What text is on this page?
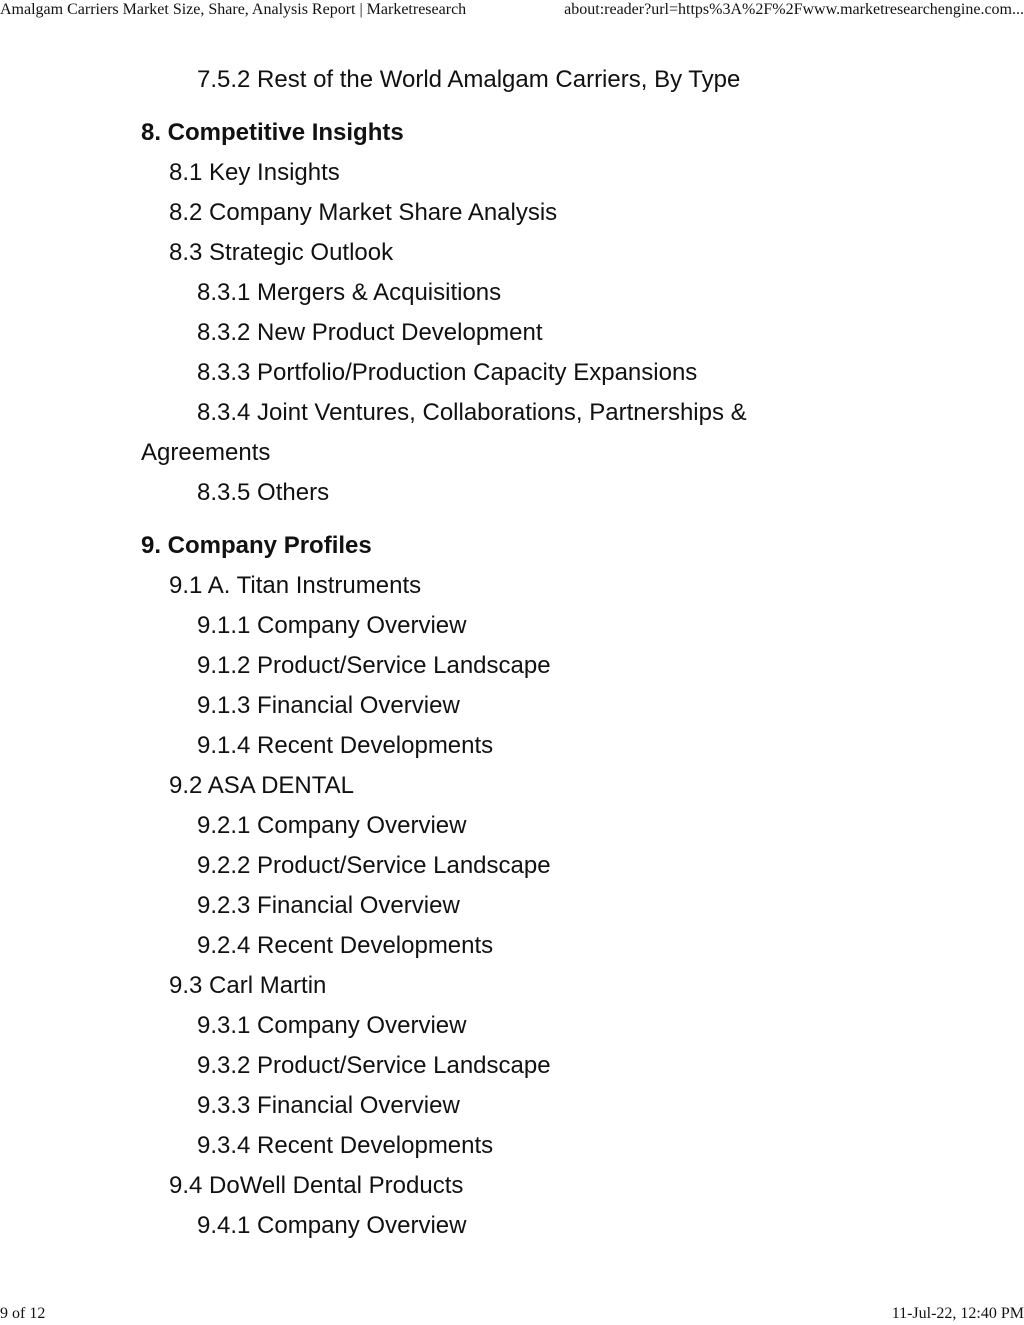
Amalgam Carriers Market Size, Share, Analysis Report | Marketresearch	about:reader?url=https%3A%2F%2Fwww.marketresearchengine.com...

7.5.2 Rest of the World Amalgam Carriers, By Type

8. Competitive Insights

8.1 Key Insights

8.2 Company Market Share Analysis

8.3 Strategic Outlook

8.3.1 Mergers & Acquisitions

8.3.2 New Product Development

8.3.3 Portfolio/Production Capacity Expansions

8.3.4 Joint Ventures, Collaborations, Partnerships & Agreements

8.3.5 Others

9. Company Profiles

9.1 A. Titan Instruments

9.1.1 Company Overview

9.1.2 Product/Service Landscape

9.1.3 Financial Overview

9.1.4 Recent Developments

9.2 ASA DENTAL

9.2.1 Company Overview

9.2.2 Product/Service Landscape

9.2.3 Financial Overview

9.2.4 Recent Developments

9.3 Carl Martin

9.3.1 Company Overview

9.3.2 Product/Service Landscape

9.3.3 Financial Overview

9.3.4 Recent Developments

9.4 DoWell Dental Products

9.4.1 Company Overview

9 of 12	11-Jul-22, 12:40 PM
